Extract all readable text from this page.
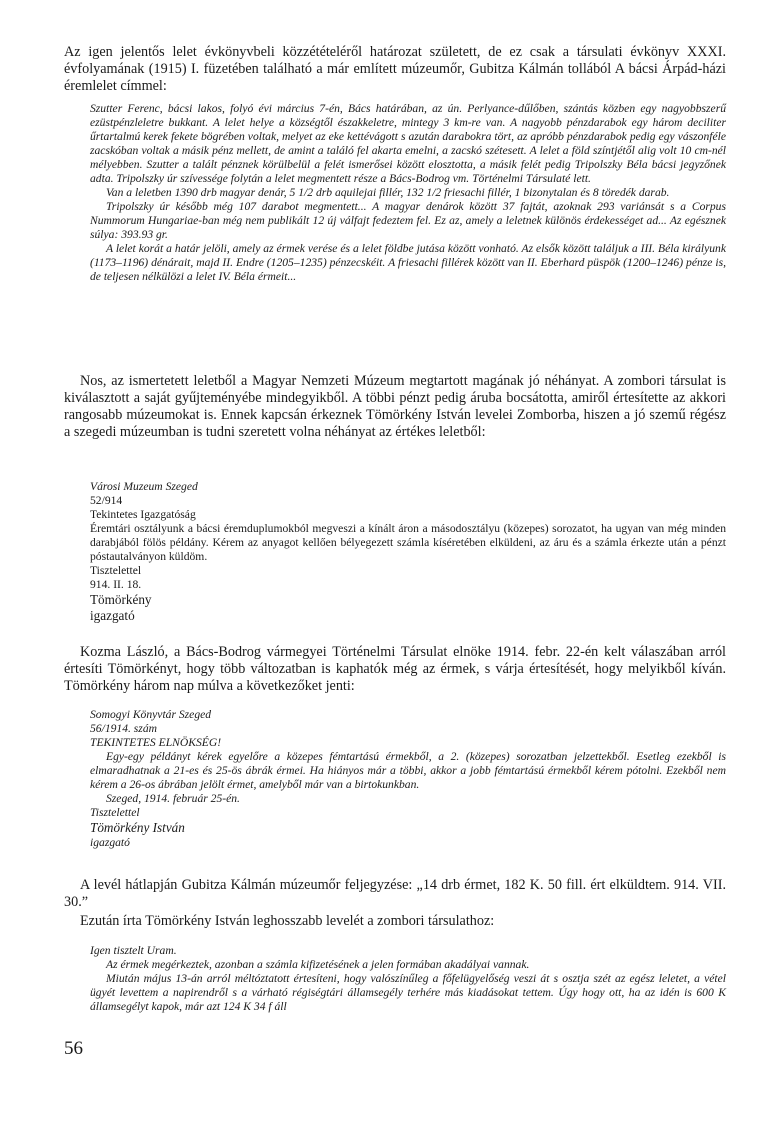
Az igen jelentős lelet évkönyvbeli közzétételéről határozat született, de ez csak a társulati évkönyv XXXI. évfolyamának (1915) I. füzetében található a már említett múzeumőr, Gubitza Kálmán tollából A bácsi Árpád-házi éremlelet címmel:

Szutter Ferenc, bácsi lakos, folyó évi március 7-én, Bács határában, az ún. Perlyance-dűlőben, szántás közben egy nagyobbszerű ezüstpénzleletre bukkant. A lelet helye a községtől északkeletre, mintegy 3 km-re van. A nagyobb pénzdarabok egy három deciliter űrtartalmú kerek fekete bögrében voltak, melyet az eke kettévágott s azután darabokra tört, az apróbb pénzdarabok pedig egy vászonféle zacskóban voltak a másik pénz mellett, de amint a találó fel akarta emelni, a zacskó szétesett. A lelet a föld színtjétől alig volt 10 cm-nél mélyebben. Szutter a talált pénznek körülbelül a felét ismerősei között elosztotta, a másik felét pedig Tripolszky Béla bácsi jegyzőnek adta. Tripolszky úr szívessége folytán a lelet megmentett része a Bács-Bodrog vm. Történelmi Társulaté lett.

Van a leletben 1390 drb magyar denár, 5 1/2 drb aquilejai fillér, 132 1/2 friesachi fillér, 1 bizonytalan és 8 töredék darab.

Tripolszky úr később még 107 darabot megmentett... A magyar denárok között 37 fajtát, azoknak 293 variánsát s a Corpus Nummorum Hungariae-ban még nem publikált 12 új válfajt fedeztem fel. Ez az, amely a leletnek különös érdekességet ad... Az egésznek súlya: 393.93 gr.

A lelet korát a határ jelöli, amely az érmek verése és a lelet földbe jutása között vonható. Az elsők között találjuk a III. Béla királyunk (1173–1196) dénárait, majd II. Endre (1205–1235) pénzecskéit. A friesachi fillérek között van II. Eberhard püspök (1200–1246) pénze is, de teljesen nélkülözi a lelet IV. Béla érmeit...

Nos, az ismertetett leletből a Magyar Nemzeti Múzeum megtartott magának jó néhányat. A zombori társulat is kiválasztott a saját gyűjteményébe mindegyikből. A többi pénzt pedig áruba bocsátotta, amiről értesítette az akkori rangosabb múzeumokat is. Ennek kapcsán érkeznek Tömörkény István levelei Zomborba, hiszen a jó szemű régész a szegedi múzeumban is tudni szeretett volna néhányat az értékes leletből:

Városi Muzeum Szeged

52/914

Tekintetes Igazgatóság

Éremtári osztályunk a bácsi éremduplumokból megveszi a kínált áron a másodosztályu (közepes) sorozatot, ha ugyan van még minden darabjából fölös példány. Kérem az anyagot kellően bélyegezett számla kíséretében elküldeni, az áru és a számla érkezte után a pénzt póstautalványon küldöm.

Tisztelettel

914. II. 18.

Tömörkény

igazgató

Kozma László, a Bács-Bodrog vármegyei Történelmi Társulat elnöke 1914. febr. 22-én kelt válaszában arról értesíti Tömörkényt, hogy több változatban is kaphatók még az érmek, s várja értesítését, hogy melyikből kíván. Tömörkény három nap múlva a következőket jenti:

Somogyi Könyvtár Szeged

56/1914. szám

TEKINTETES ELNÖKSÉG!

Egy-egy példányt kérek egyelőre a közepes fémtartású érmekből, a 2. (közepes) sorozatban jelzettekből. Esetleg ezekből is elmaradhatnak a 21-es és 25-ös ábrák érmei. Ha hiányos már a többi, akkor a jobb fémtartású érmekből kérem pótolni. Ezekből nem kérem a 26-os ábrában jelölt érmet, amelyből már van a birtokunkban.

Szeged, 1914. február 25-én.

Tisztelettel

Tömörkény István

igazgató

A levél hátlapján Gubitza Kálmán múzeumőr feljegyzése: „14 drb érmet, 182 K. 50 fill. ért elküldtem. 914. VII. 30.”

Ezután írta Tömörkény István leghosszabb levelét a zombori társulathoz:

Igen tisztelt Uram.

Az érmek megérkeztek, azonban a számla kifizetésének a jelen formában akadályai vannak.

Miután május 13-án arról méltóztatott értesíteni, hogy valószínűleg a főfelügyelőség veszi át s osztja szét az egész leletet, a vétel ügyét levettem a napirendről s a várható régiségtári államsegély terhére más kiadásokat tettem. Úgy hogy ott, ha az idén is 600 K államsegélyt kapok, már azt 124 K 34 f áll

56
